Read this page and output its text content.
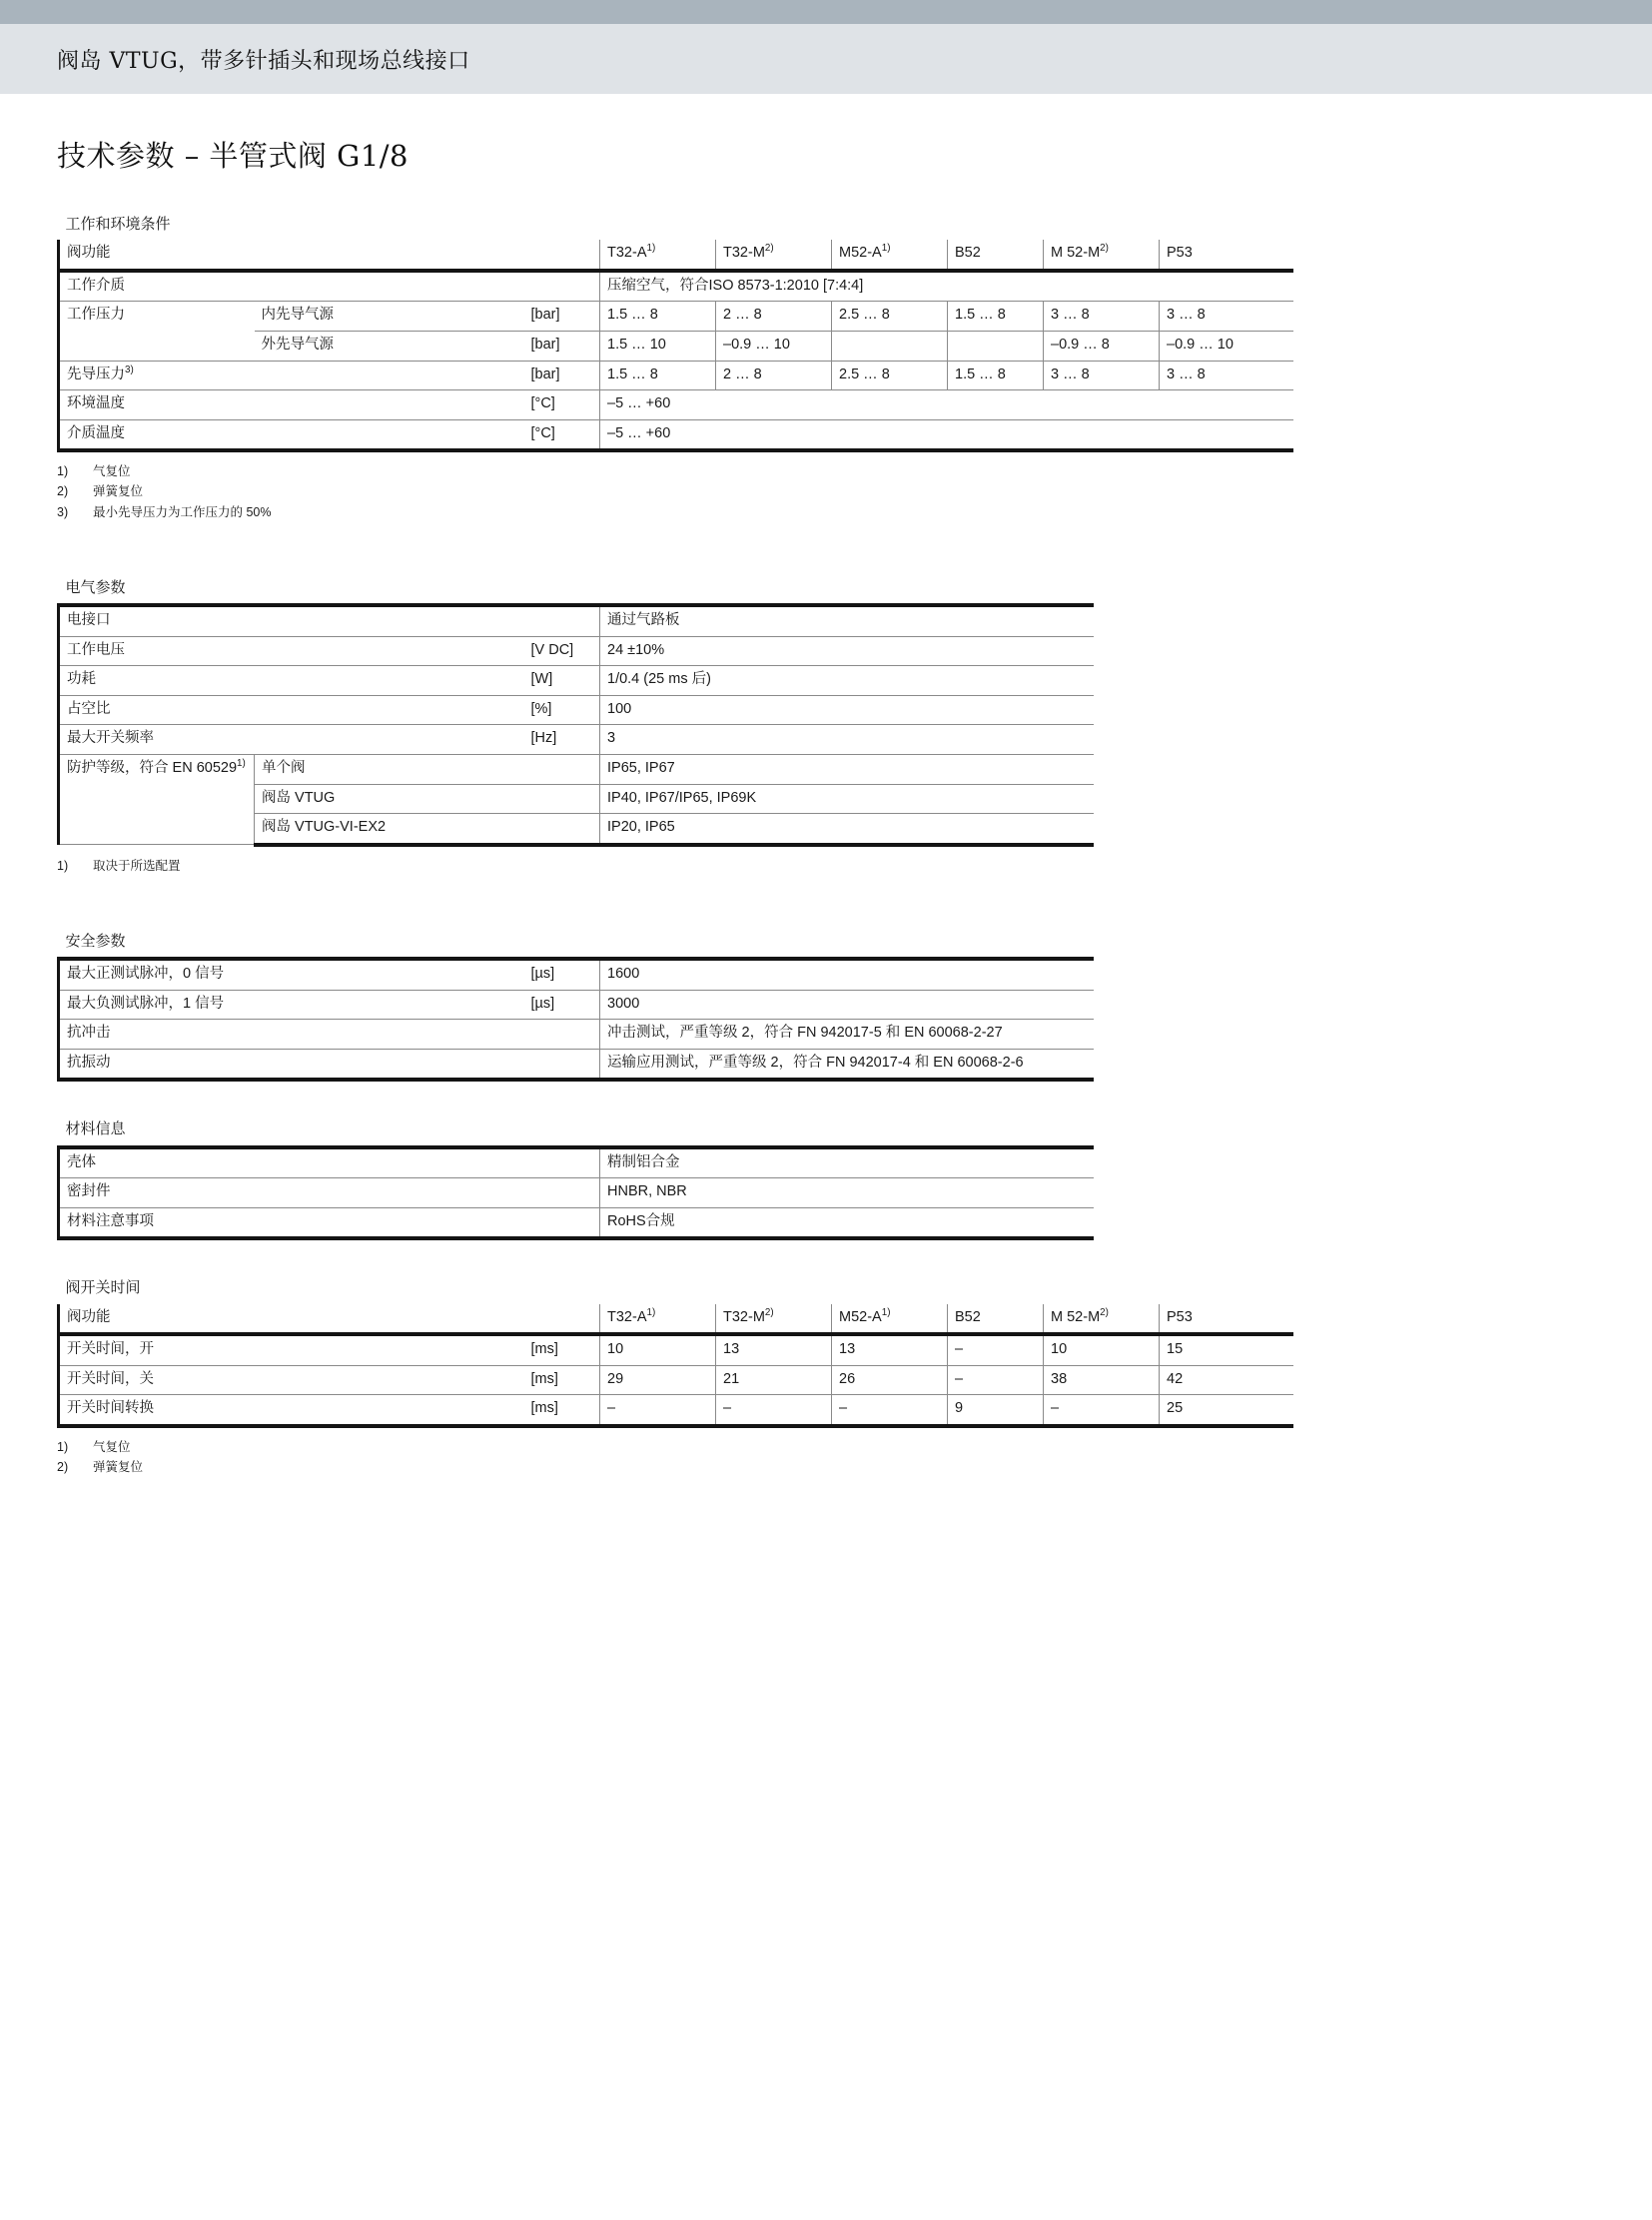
阀岛 VTUG，带多针插头和现场总线接口
技术参数 – 半管式阀 G1/8
工作和环境条件								
阀功能			$T32-A^{1)}$	$T32-M^{2)}$	$M52-A^{1)}$	B52	M $52-M^{2)}$	P53
工作介质			压缩空气，符合ISO 8573-1:2010 [7:4:4]					
工作压力	内先导气源	[bar]	1.5 … 8	2 … 8	2.5 … 8	1.5 … 8	3 … 8	3 … 8
	外先导气源	[bar]	1.5 … 10	–0.9 … 10			–0.9 … 8	–0.9 … 10
先导压力$^{3)}$		[bar]	1.5 … 8	2 … 8	2.5 … 8	1.5 … 8	3 … 8	3 … 8
环境温度		[°C]	–5 … +60					
介质温度		[°C]	–5 … +60					
1)	气复位
2)	弹簧复位
3)	最小先导压力为工作压力的 50%
电气参数			

电接口			通过气路板
工作电压		[V DC]	24 ±10%
功耗		[W]	1/0.4 (25 ms 后)
占空比		[%]	100
最大开关频率		[Hz]	3
防护等级，符合 EN 60529$^{1)}$	单个阀		IP65, IP67
	阀岛 VTUG		IP40, IP67/IP65, IP69K
	阀岛 VTUG-VI-EX2		IP20, IP65
1)	取决于所选配置
安全参数		

最大正测试脉冲，0 信号	[µs]	1600
最大负测试脉冲，1 信号	[µs]	3000
抗冲击		冲击测试，严重等级 2，符合 FN 942017-5 和 EN 60068-2-27
抗振动		运输应用测试，严重等级 2，符合 FN 942017-4 和 EN 60068-2-6
材料信息		

壳体		精制铝合金
密封件		HNBR, NBR
材料注意事项		RoHS合规
阀开关时间							
阀功能		$T32-A^{1)}$	$T32-M^{2)}$	$M52-A^{1)}$	B52	M $52-M^{2)}$	P53
开关时间，开	[ms]	10	13	13	–	10	15
开关时间，关	[ms]	29	21	26	–	38	42
开关时间转换	[ms]	–	–	–	9	–	25
1)	气复位
2)	弹簧复位
